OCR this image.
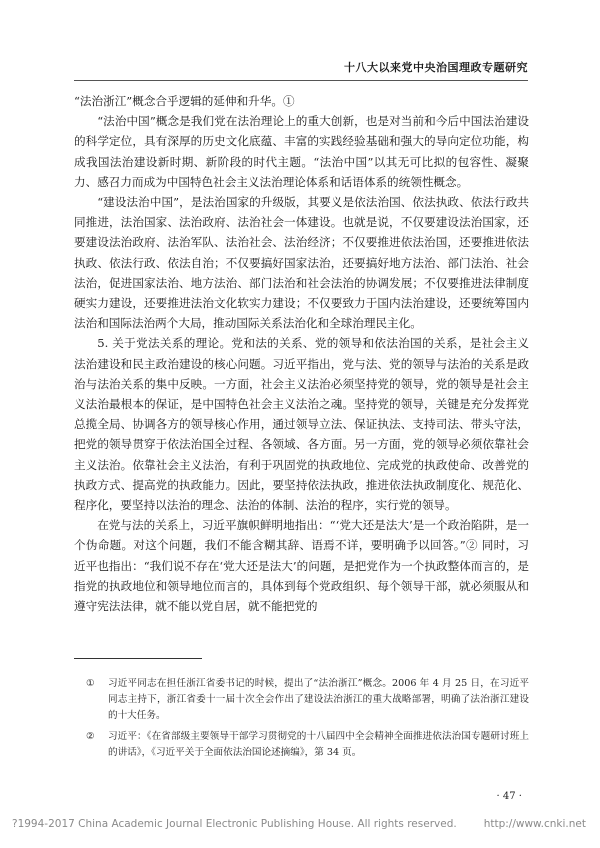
十八大以来党中央治国理政专题研究

“法治浙江”概念合乎逻辑的延伸和升华。①

“法治中国”概念是我们党在法治理论上的重大创新，也是对当前和今后中国法治建设的科学定位，具有深厚的历史文化底蕴、丰富的实践经验基础和强大的导向定位功能，构成我国法治建设新时期、新阶段的时代主题。“法治中国”以其无可比拟的包容性、凝聚力、感召力而成为中国特色社会主义法治理论体系和话语体系的统领性概念。

“建设法治中国”，是法治国家的升级版，其要义是依法治国、依法执政、依法行政共同推进，法治国家、法治政府、法治社会一体建设。也就是说，不仅要建设法治国家，还要建设法治政府、法治军队、法治社会、法治经济；不仅要推进依法治国，还要推进依法执政、依法行政、依法自治；不仅要搞好国家法治，还要搞好地方法治、部门法治、社会法治，促进国家法治、地方法治、部门法治和社会法治的协调发展；不仅要推进法律制度硬实力建设，还要推进法治文化软实力建设；不仅要致力于国内法治建设，还要统筹国内法治和国际法治两个大局，推动国际关系法治化和全球治理民主化。

5. 关于党法关系的理论。党和法的关系、党的领导和依法治国的关系，是社会主义法治建设和民主政治建设的核心问题。习近平指出，党与法、党的领导与法治的关系是政治与法治关系的集中反映。一方面，社会主义法治必须坚持党的领导，党的领导是社会主义法治最根本的保证，是中国特色社会主义法治之魂。坚持党的领导，关键是充分发挥党总揽全局、协调各方的领导核心作用，通过领导立法、保证执法、支持司法、带头守法，把党的领导贯穿于依法治国全过程、各领域、各方面。另一方面，党的领导必须依靠社会主义法治。依靠社会主义法治，有利于巩固党的执政地位、完成党的执政使命、改善党的执政方式、提高党的执政能力。因此，要坚持依法执政，推进依法执政制度化、规范化、程序化，要坚持以法治的理念、法治的体制、法治的程序，实行党的领导。

在党与法的关系上，习近平旗帜鲜明地指出：“‘党大还是法大’是一个政治陷阱，是一个伪命题。对这个问题，我们不能含糊其辞、语焉不详，要明确予以回答。”② 同时，习近平也指出：“我们说不存在‘党大还是法大’的问题，是把党作为一个执政整体而言的，是指党的执政地位和领导地位而言的，具体到每个党政组织、每个领导干部，就必须服从和遵守宪法法律，就不能以党自居，就不能把党的

①	习近平同志在担任浙江省委书记的时候，提出了“法治浙江”概念。2006 年 4 月 25 日，在习近平同志主持下，浙江省委十一届十次全会作出了建设法治浙江的重大战略部署，明确了法治浙江建设的十大任务。
②	习近平：《在省部级主要领导干部学习贯彻党的十八届四中全会精神全面推进依法治国专题研讨班上的讲话》，《习近平关于全面依法治国论述摘编》，第 34 页。
· 47 ·
?1994-2017 China Academic Journal Electronic Publishing House. All rights reserved.	http://www.cnki.net
